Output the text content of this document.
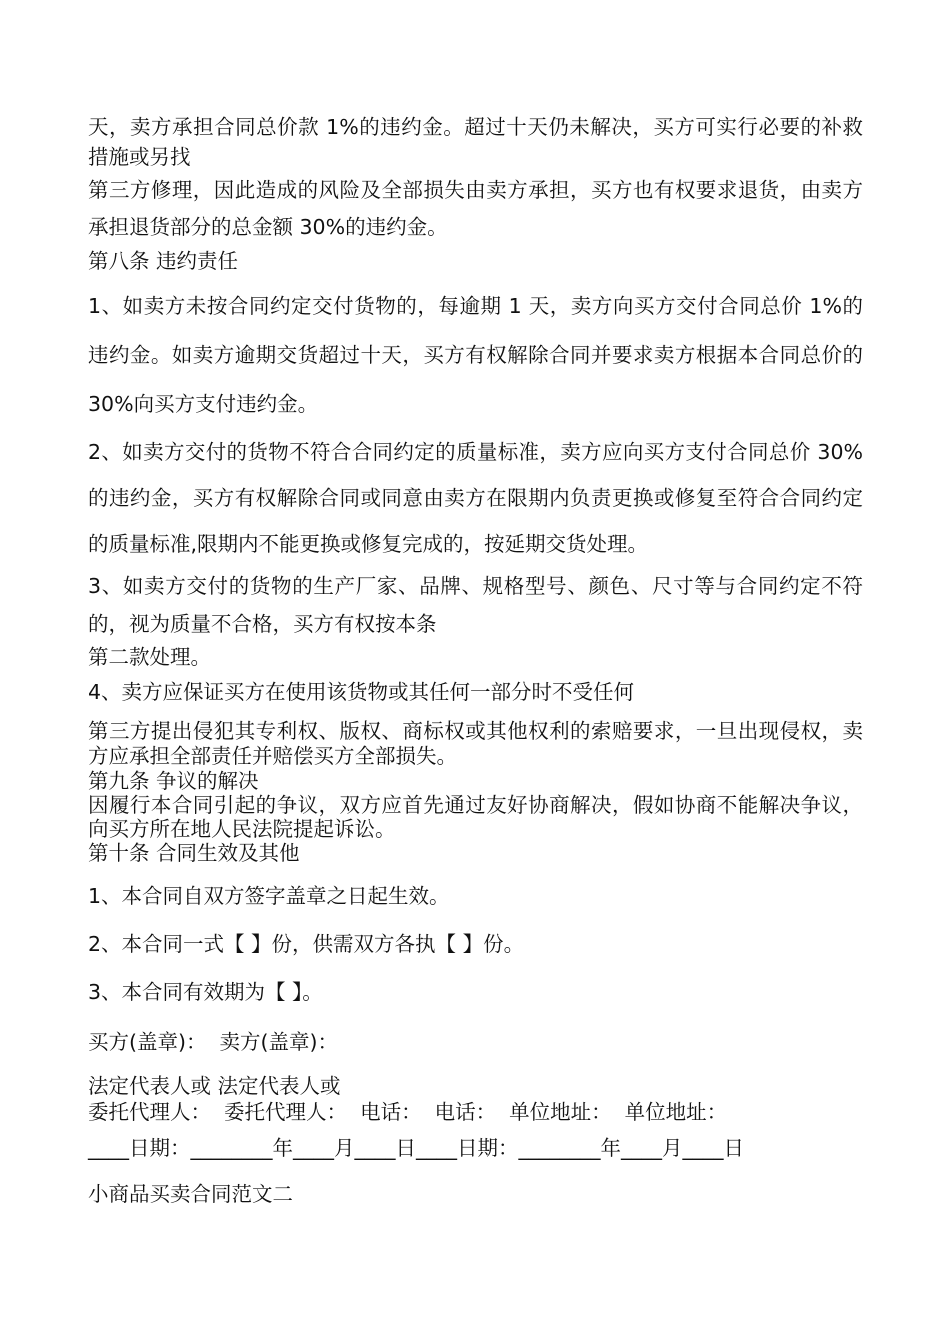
天，卖方承担合同总价款 1%的违约金。超过十天仍未解决，买方可实行必要的补救措施或另找

第三方修理，因此造成的风险及全部损失由卖方承担，买方也有权要求退货，由卖方承担退货部分的总金额 30%的违约金。

第八条 违约责任

1、如卖方未按合同约定交付货物的，每逾期 1 天，卖方向买方交付合同总价 1%的违约金。如卖方逾期交货超过十天，买方有权解除合同并要求卖方根据本合同总价的 30%向买方支付违约金。

2、如卖方交付的货物不符合合同约定的质量标准，卖方应向买方支付合同总价 30%的违约金，买方有权解除合同或同意由卖方在限期内负责更换或修复至符合合同约定的质量标准,限期内不能更换或修复完成的，按延期交货处理。

3、如卖方交付的货物的生产厂家、品牌、规格型号、颜色、尺寸等与合同约定不符的，视为质量不合格，买方有权按本条

第二款处理。

4、卖方应保证买方在使用该货物或其任何一部分时不受任何

第三方提出侵犯其专利权、版权、商标权或其他权利的索赔要求，一旦出现侵权，卖方应承担全部责任并赔偿买方全部损失。

第九条 争议的解决

因履行本合同引起的争议，双方应首先通过友好协商解决，假如协商不能解决争议，向买方所在地人民法院提起诉讼。

第十条 合同生效及其他

1、本合同自双方签字盖章之日起生效。

2、本合同一式【 】份，供需双方各执【 】份。

3、本合同有效期为【 】。

买方(盖章)：  卖方(盖章)：

法定代表人或 法定代表人或

委托代理人：  委托代理人：  电话：  电话：  单位地址：  单位地址：

____日期：________年____月____日____日期：________年____月____日

小商品买卖合同范文二
